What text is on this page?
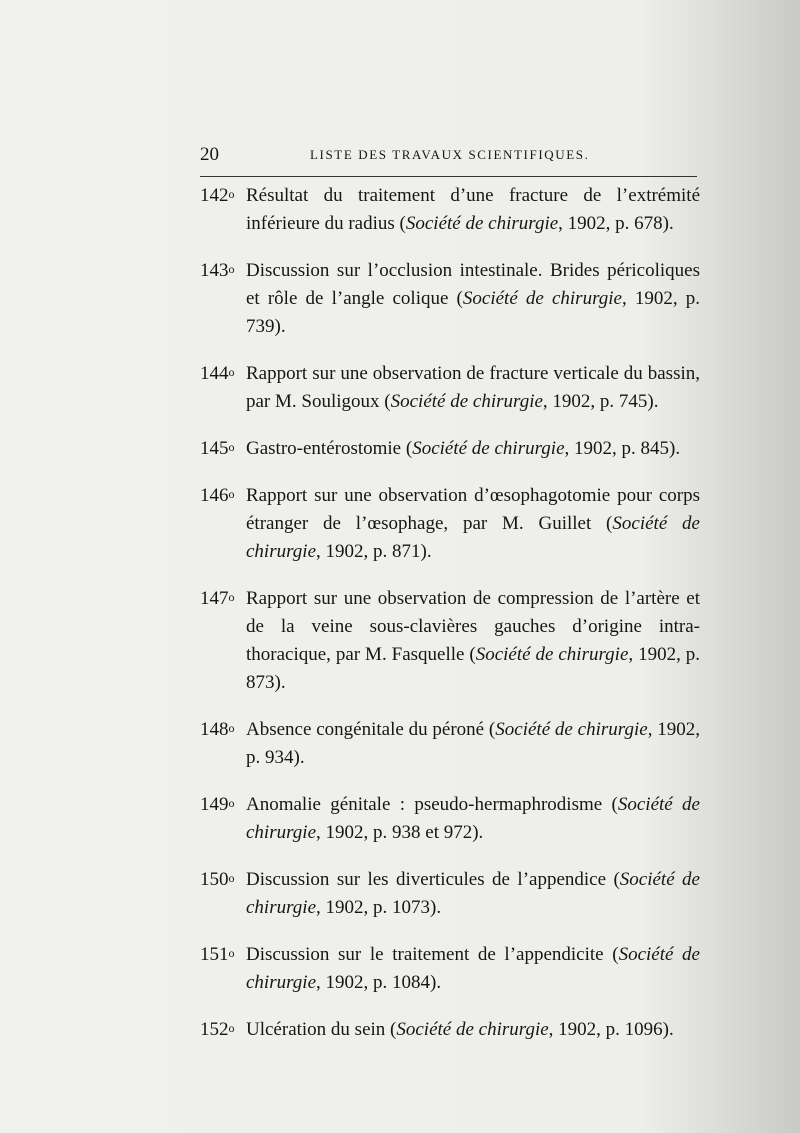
20	LISTE DES TRAVAUX SCIENTIFIQUES.
142$^o$ Résultat du traitement d’une fracture de l’extrémité inférieure du radius (Société de chirurgie, 1902, p. 678).
143$^o$ Discussion sur l’occlusion intestinale. Brides péricoliques et rôle de l’angle colique (Société de chirurgie, 1902, p. 739).
144$^o$ Rapport sur une observation de fracture verticale du bassin, par M. Souligoux (Société de chirurgie, 1902, p. 745).
145$^o$ Gastro-entérostomie (Société de chirurgie, 1902, p. 845).
146$^o$ Rapport sur une observation d’œsophagotomie pour corps étranger de l’œsophage, par M. Guillet (Société de chirurgie, 1902, p. 871).
147$^o$ Rapport sur une observation de compression de l’artère et de la veine sous-clavières gauches d’origine intrathoracique, par M. Fasquelle (Société de chirurgie, 1902, p. 873).
148$^o$ Absence congénitale du péroné (Société de chirurgie, 1902, p. 934).
149$^o$ Anomalie génitale : pseudo-hermaphrodisme (Société de chirurgie, 1902, p. 938 et 972).
150$^o$ Discussion sur les diverticules de l’appendice (Société de chirurgie, 1902, p. 1073).
151$^o$ Discussion sur le traitement de l’appendicite (Société de chirurgie, 1902, p. 1084).
152$^o$ Ulcération du sein (Société de chirurgie, 1902, p. 1096).
